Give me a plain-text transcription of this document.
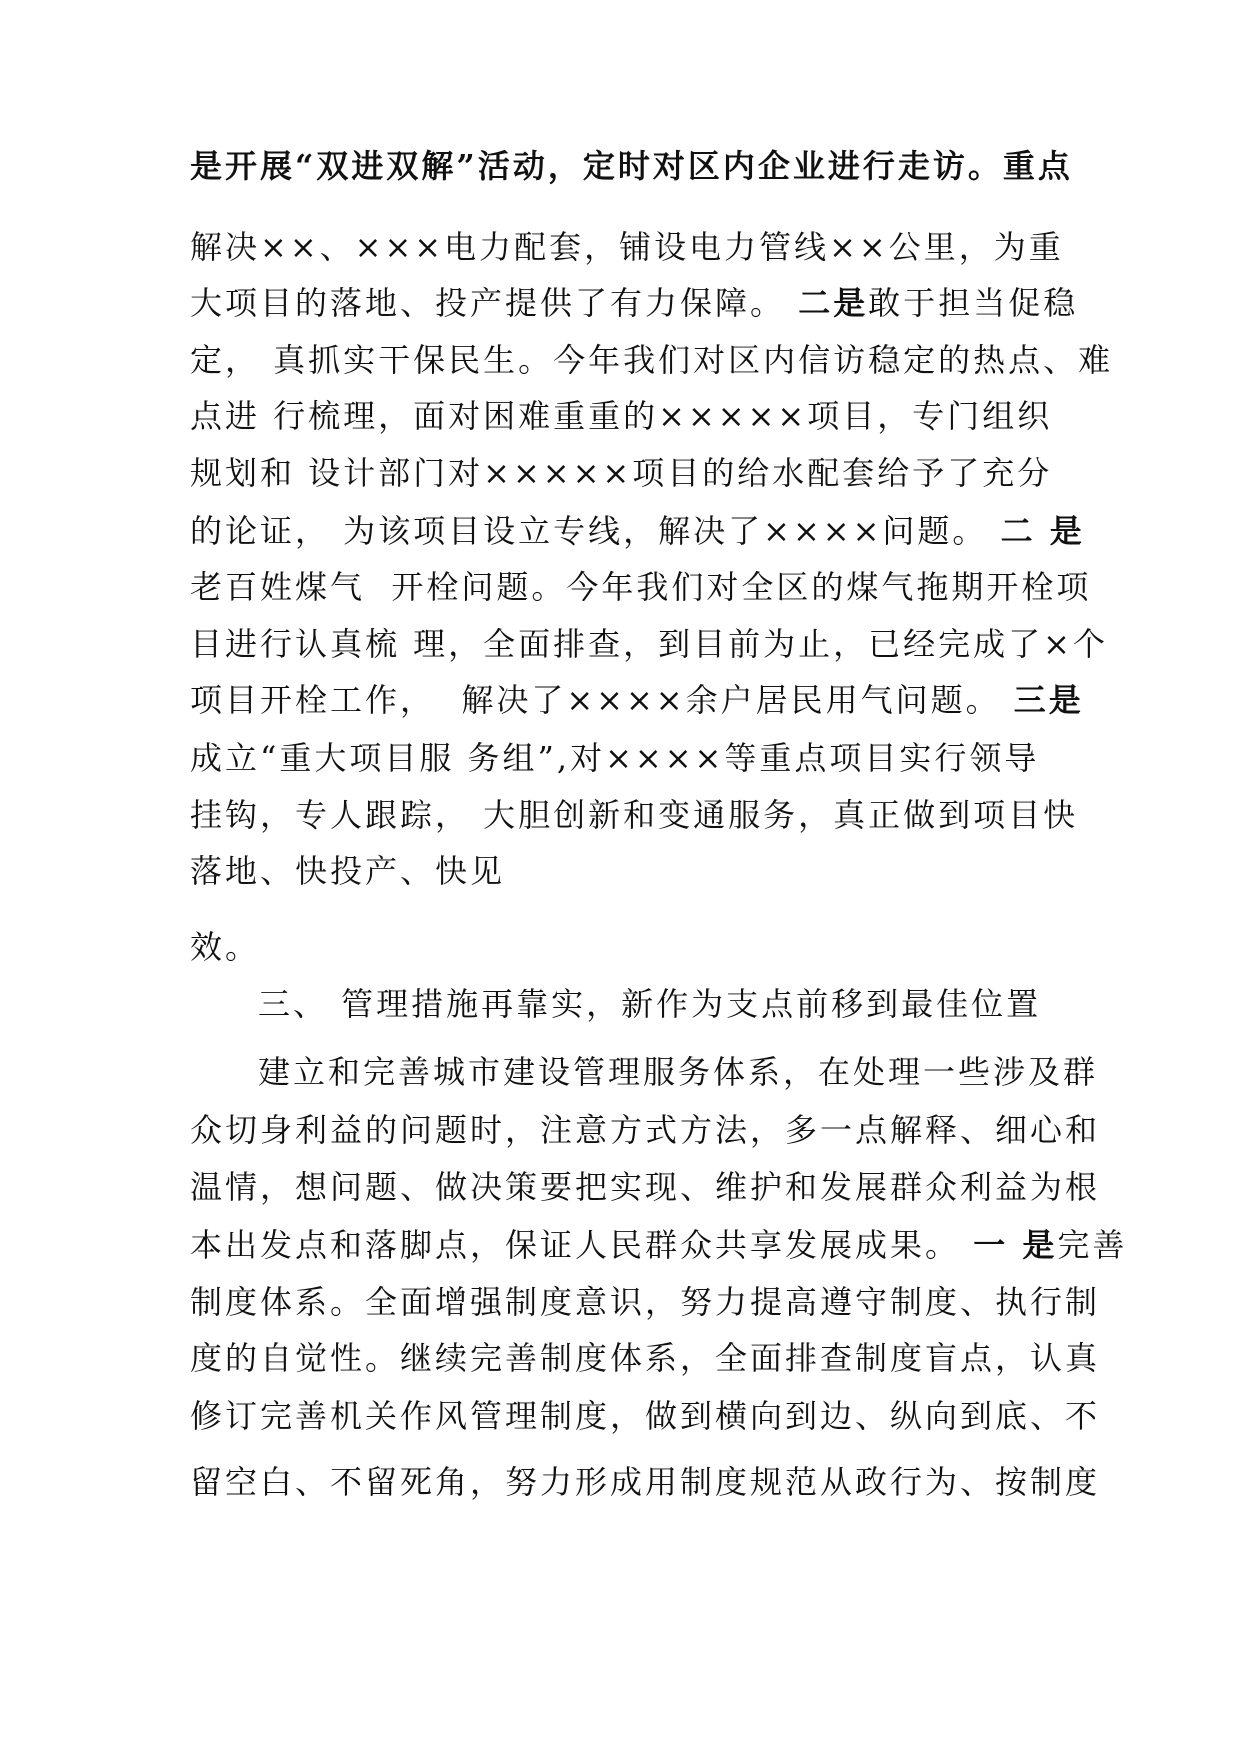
是开展“双进双解”活动，定时对区内企业进行走访。重点
解决××、×××电力配套，铺设电力管线××公里，为重
大项目的落地、投产提供了有力保障。 二是敢于担当促稳
定， 真抓实干保民生。今年我们对区内信访稳定的热点、难
点进 行梳理，面对困难重重的×××××项目，专门组织
规划和 设计部门对×××××项目的给水配套给予了充分
的论证， 为该项目设立专线，解决了××××问题。 二 是
老百姓煤气  开栓问题。今年我们对全区的煤气拖期开栓项
目进行认真梳 理，全面排查，到目前为止，已经完成了×个
项目开栓工作，  解决了××××余户居民用气问题。 三是
成立“重大项目服 务组”,对××××等重点项目实行领导
挂钩，专人跟踪， 大胆创新和变通服务，真正做到项目快
落地、快投产、快见
效。
三、 管理措施再靠实，新作为支点前移到最佳位置
建立和完善城市建设管理服务体系，在处理一些涉及群
众切身利益的问题时，注意方式方法，多一点解释、细心和
温情，想问题、做决策要把实现、维护和发展群众利益为根
本出发点和落脚点，保证人民群众共享发展成果。 一 是完善
制度体系。全面增强制度意识，努力提高遵守制度、执行制
度的自觉性。继续完善制度体系，全面排查制度盲点，认真
修订完善机关作风管理制度，做到横向到边、纵向到底、不
留空白、不留死角，努力形成用制度规范从政行为、按制度
